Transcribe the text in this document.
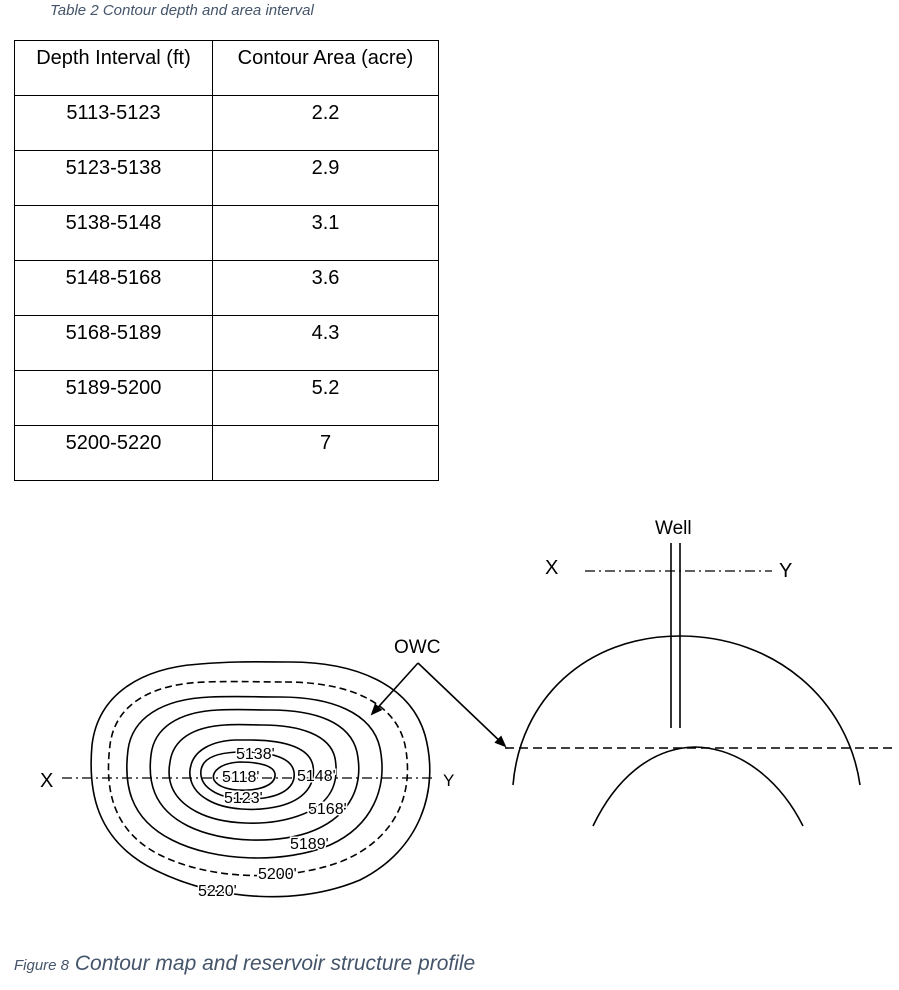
Table 2 Contour depth and area interval
Depth Interval (ft)	Contour Area (acre)
5113-5123	2.2
5123-5138	2.9
5138-5148	3.1
5148-5168	3.6
5168-5189	4.3
5189-5200	5.2
5200-5220	7
X	Y
5138'
5118'
5123'
5148'
5168'
5189'
5200'
5220'
OWC
Well
X	Y
Figure 8 Contour map and reservoir structure profile
